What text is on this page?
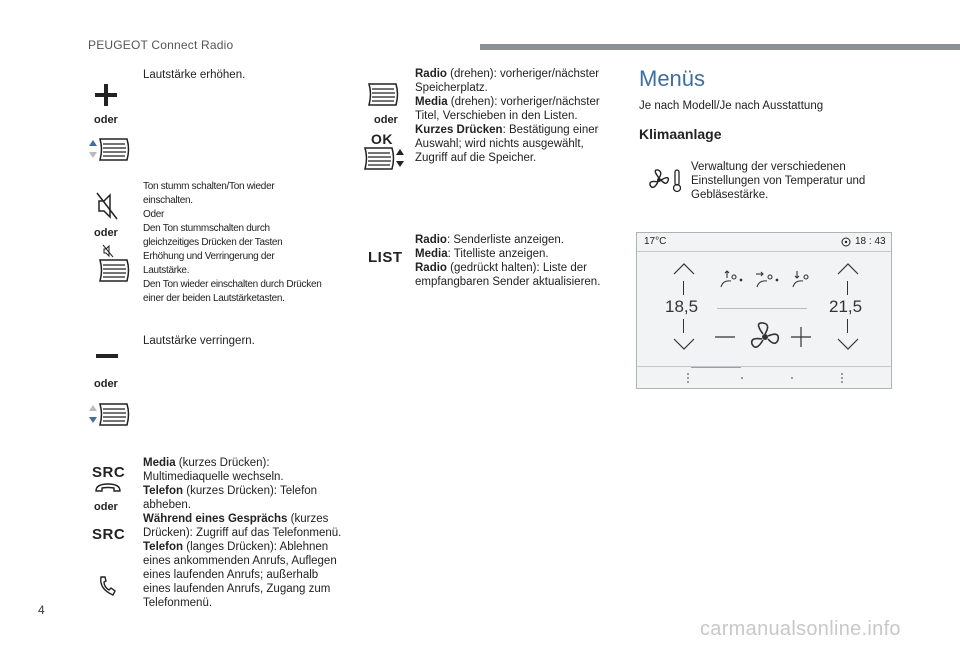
PEUGEOT Connect Radio
oder
Lautstärke erhöhen.
oder
Ton stumm schalten/Ton wieder
einschalten.
Oder
Den Ton stummschalten durch
gleichzeitiges Drücken der Tasten
Erhöhung und Verringerung der
Lautstärke.
Den Ton wieder einschalten durch Drücken
einer der beiden Lautstärketasten.
oder
Lautstärke verringern.
SRC
oder
SRC
Media (kurzes Drücken):
Multimediaquelle wechseln.
Telefon (kurzes Drücken): Telefon
abheben.
Während eines Gesprächs (kurzes
Drücken): Zugriff auf das Telefonmenü.
Telefon (langes Drücken): Ablehnen
eines ankommenden Anrufs, Auflegen
eines laufenden Anrufs; außerhalb
eines laufenden Anrufs, Zugang zum
Telefonmenü.
oder
OK
Radio (drehen): vorheriger/nächster
Speicherplatz.
Media (drehen): vorheriger/nächster
Titel, Verschieben in den Listen.
Kurzes Drücken: Bestätigung einer
Auswahl; wird nichts ausgewählt,
Zugriff auf die Speicher.
LIST
Radio: Senderliste anzeigen.
Media: Titelliste anzeigen.
Radio (gedrückt halten): Liste der
empfangbaren Sender aktualisieren.
Menüs
Je nach Modell/Je nach Ausstattung
Klimaanlage
Verwaltung der verschiedenen
Einstellungen von Temperatur und
Gebläsestärke.
17°C	18 : 43
18,5	21,5
4
carmanualsonline.info
